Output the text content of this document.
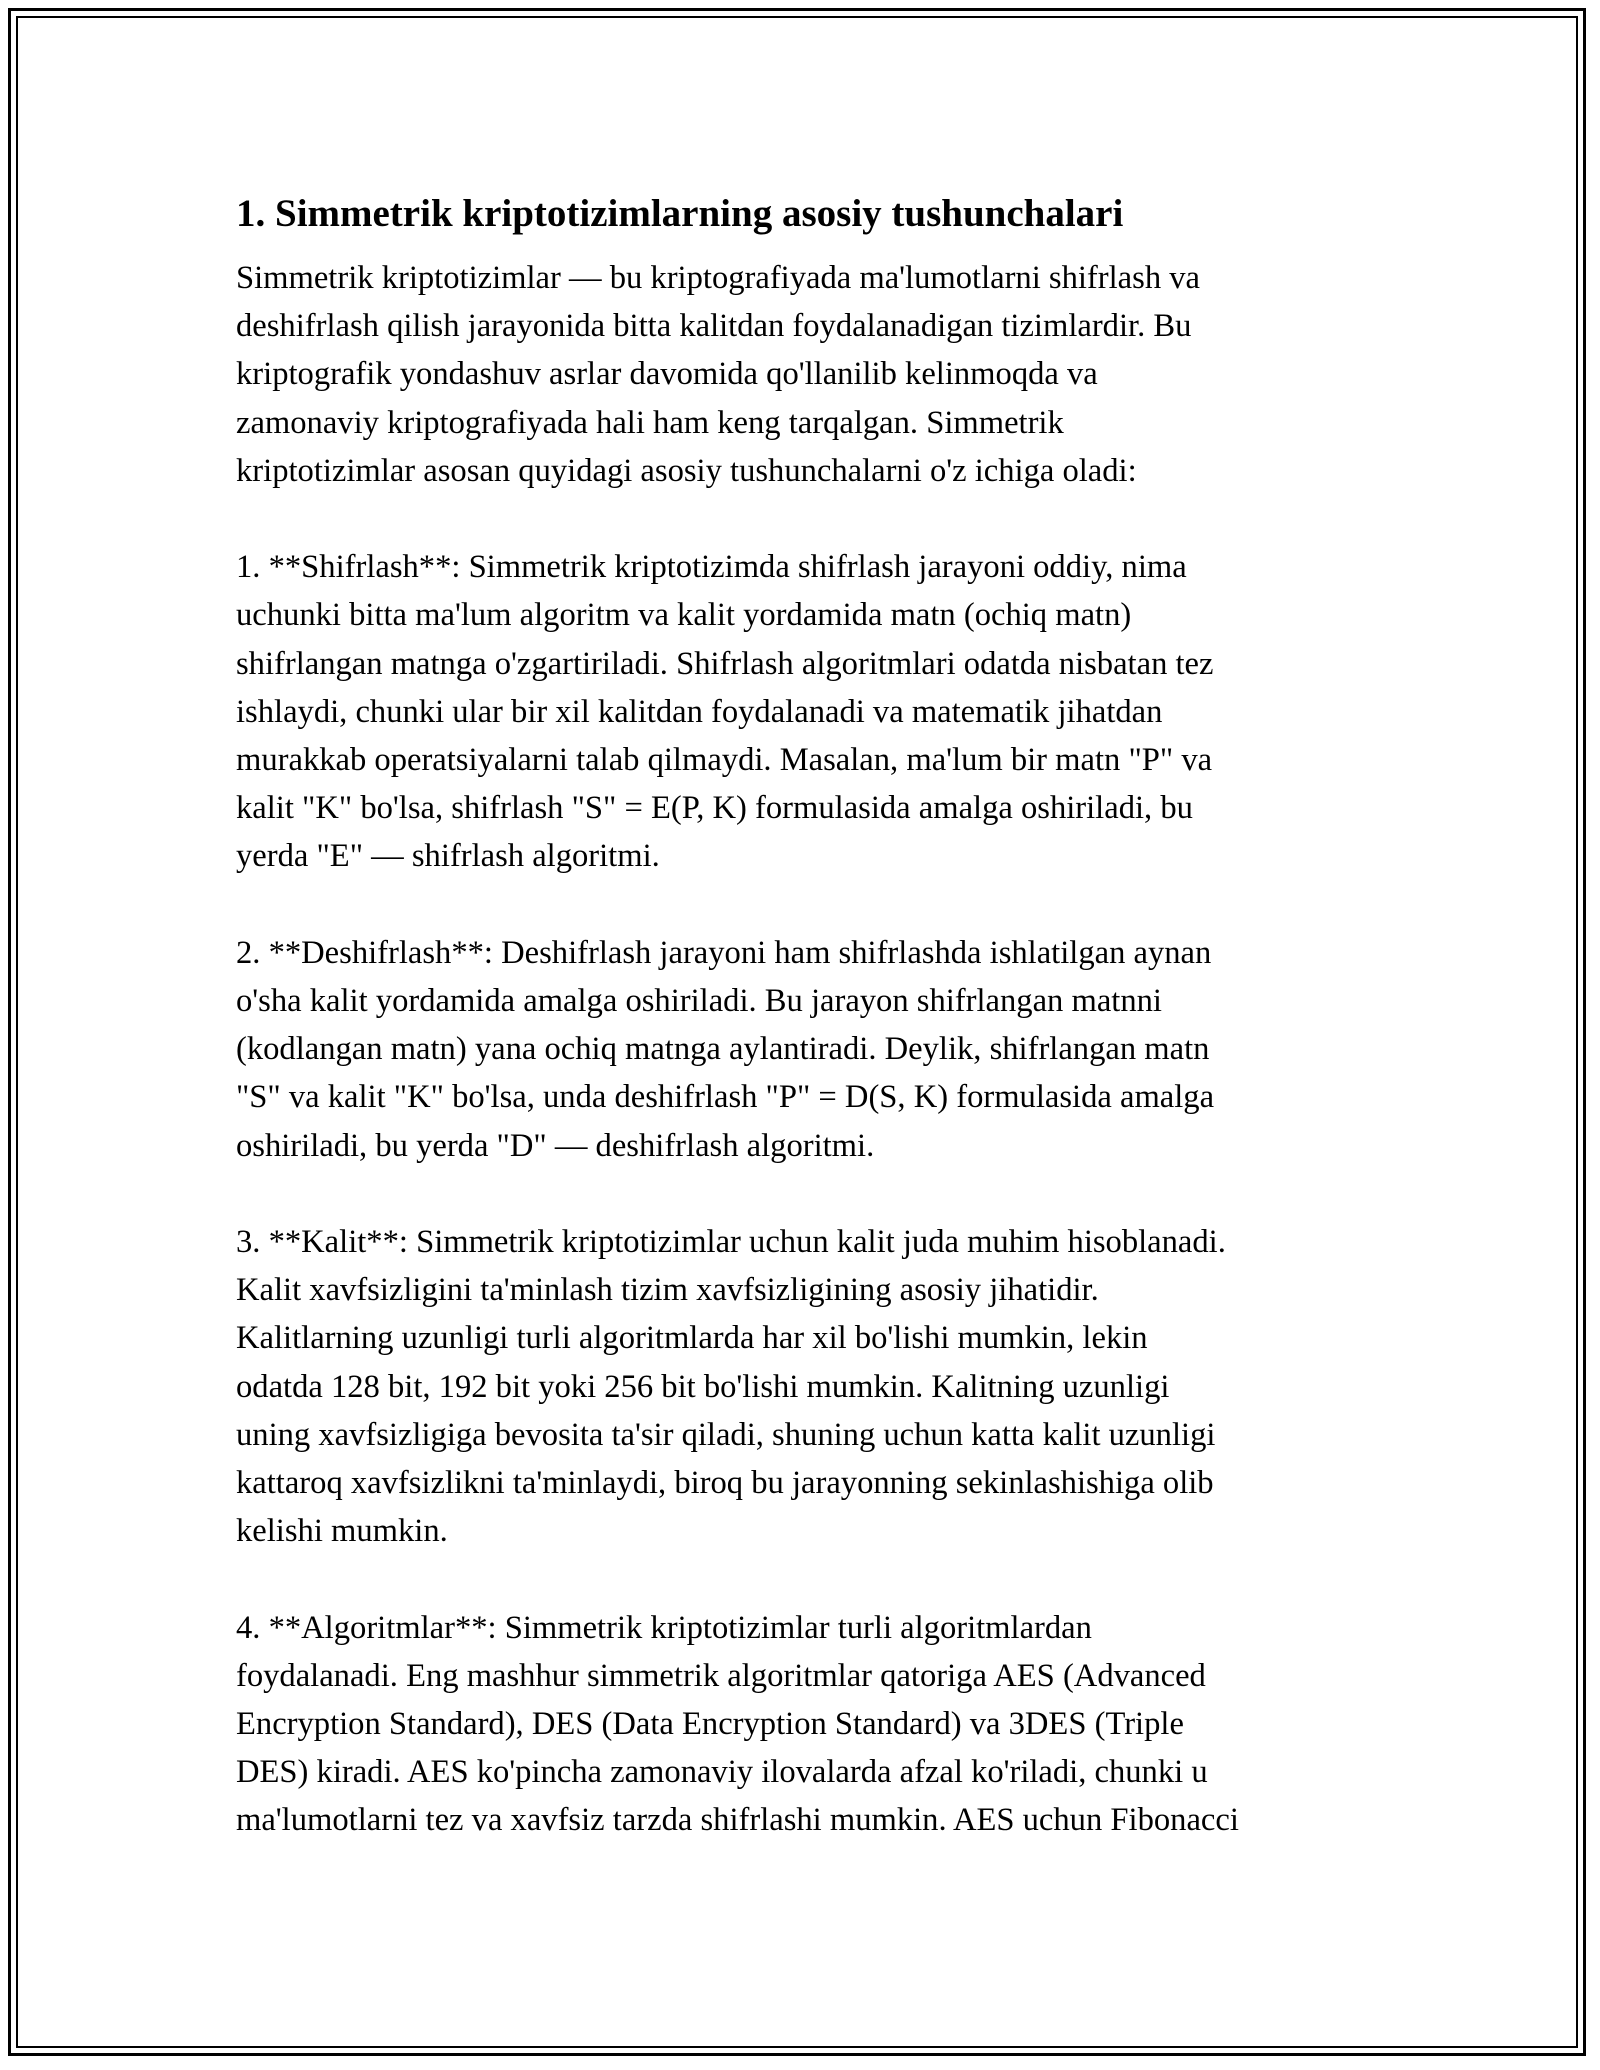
1. Simmetrik kriptotizimlarning asosiy tushunchalari

Simmetrik kriptotizimlar — bu kriptografiyada ma'lumotlarni shifrlash va
deshifrlash qilish jarayonida bitta kalitdan foydalanadigan tizimlardir. Bu
kriptografik yondashuv asrlar davomida qo'llanilib kelinmoqda va
zamonaviy kriptografiyada hali ham keng tarqalgan. Simmetrik
kriptotizimlar asosan quyidagi asosiy tushunchalarni o'z ichiga oladi:

1. **Shifrlash**: Simmetrik kriptotizimda shifrlash jarayoni oddiy, nima
uchunki bitta ma'lum algoritm va kalit yordamida matn (ochiq matn)
shifrlangan matnga o'zgartiriladi. Shifrlash algoritmlari odatda nisbatan tez
ishlaydi, chunki ular bir xil kalitdan foydalanadi va matematik jihatdan
murakkab operatsiyalarni talab qilmaydi. Masalan, ma'lum bir matn "P" va
kalit "K" bo'lsa, shifrlash "S" = E(P, K) formulasida amalga oshiriladi, bu
yerda "E" — shifrlash algoritmi.

2. **Deshifrlash**: Deshifrlash jarayoni ham shifrlashda ishlatilgan aynan
o'sha kalit yordamida amalga oshiriladi. Bu jarayon shifrlangan matnni
(kodlangan matn) yana ochiq matnga aylantiradi. Deylik, shifrlangan matn
"S" va kalit "K" bo'lsa, unda deshifrlash "P" = D(S, K) formulasida amalga
oshiriladi, bu yerda "D" — deshifrlash algoritmi.

3. **Kalit**: Simmetrik kriptotizimlar uchun kalit juda muhim hisoblanadi.
Kalit xavfsizligini ta'minlash tizim xavfsizligining asosiy jihatidir.
Kalitlarning uzunligi turli algoritmlarda har xil bo'lishi mumkin, lekin
odatda 128 bit, 192 bit yoki 256 bit bo'lishi mumkin. Kalitning uzunligi
uning xavfsizligiga bevosita ta'sir qiladi, shuning uchun katta kalit uzunligi
kattaroq xavfsizlikni ta'minlaydi, biroq bu jarayonning sekinlashishiga olib
kelishi mumkin.

4. **Algoritmlar**: Simmetrik kriptotizimlar turli algoritmlardan
foydalanadi. Eng mashhur simmetrik algoritmlar qatoriga AES (Advanced
Encryption Standard), DES (Data Encryption Standard) va 3DES (Triple
DES) kiradi. AES ko'pincha zamonaviy ilovalarda afzal ko'riladi, chunki u
ma'lumotlarni tez va xavfsiz tarzda shifrlashi mumkin. AES uchun Fibonacci
